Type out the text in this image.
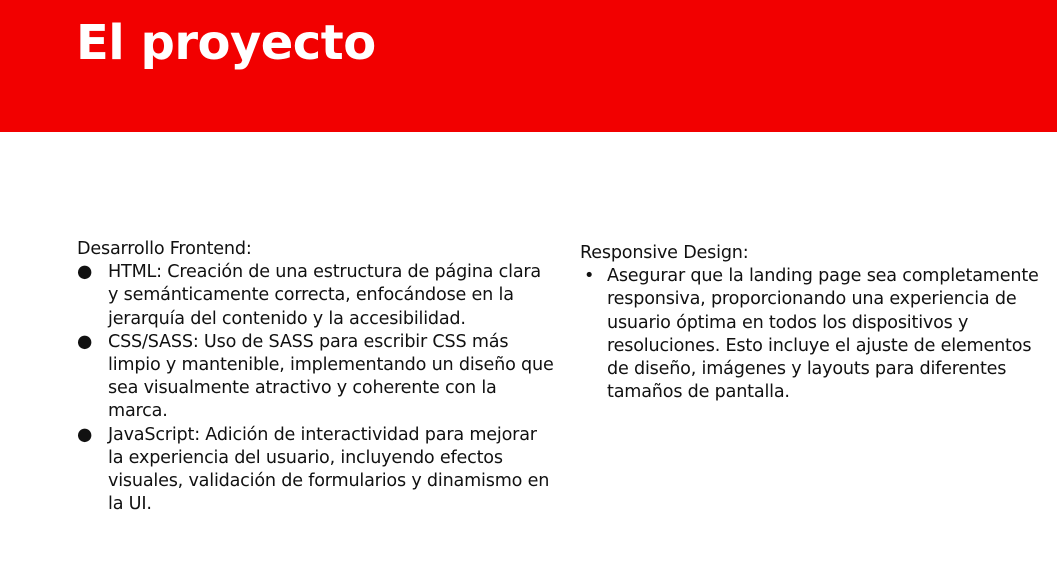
El proyecto
Desarrollo Frontend:
● HTML: Creación de una estructura de página clara y semánticamente correcta, enfocándose en la jerarquía del contenido y la accesibilidad.
● CSS/SASS: Uso de SASS para escribir CSS más limpio y mantenible, implementando un diseño que sea visualmente atractivo y coherente con la marca.
● JavaScript: Adición de interactividad para mejorar la experiencia del usuario, incluyendo efectos visuales, validación de formularios y dinamismo en la UI.
Responsive Design:
• Asegurar que la landing page sea completamente responsiva, proporcionando una experiencia de usuario óptima en todos los dispositivos y resoluciones. Esto incluye el ajuste de elementos de diseño, imágenes y layouts para diferentes tamaños de pantalla.
